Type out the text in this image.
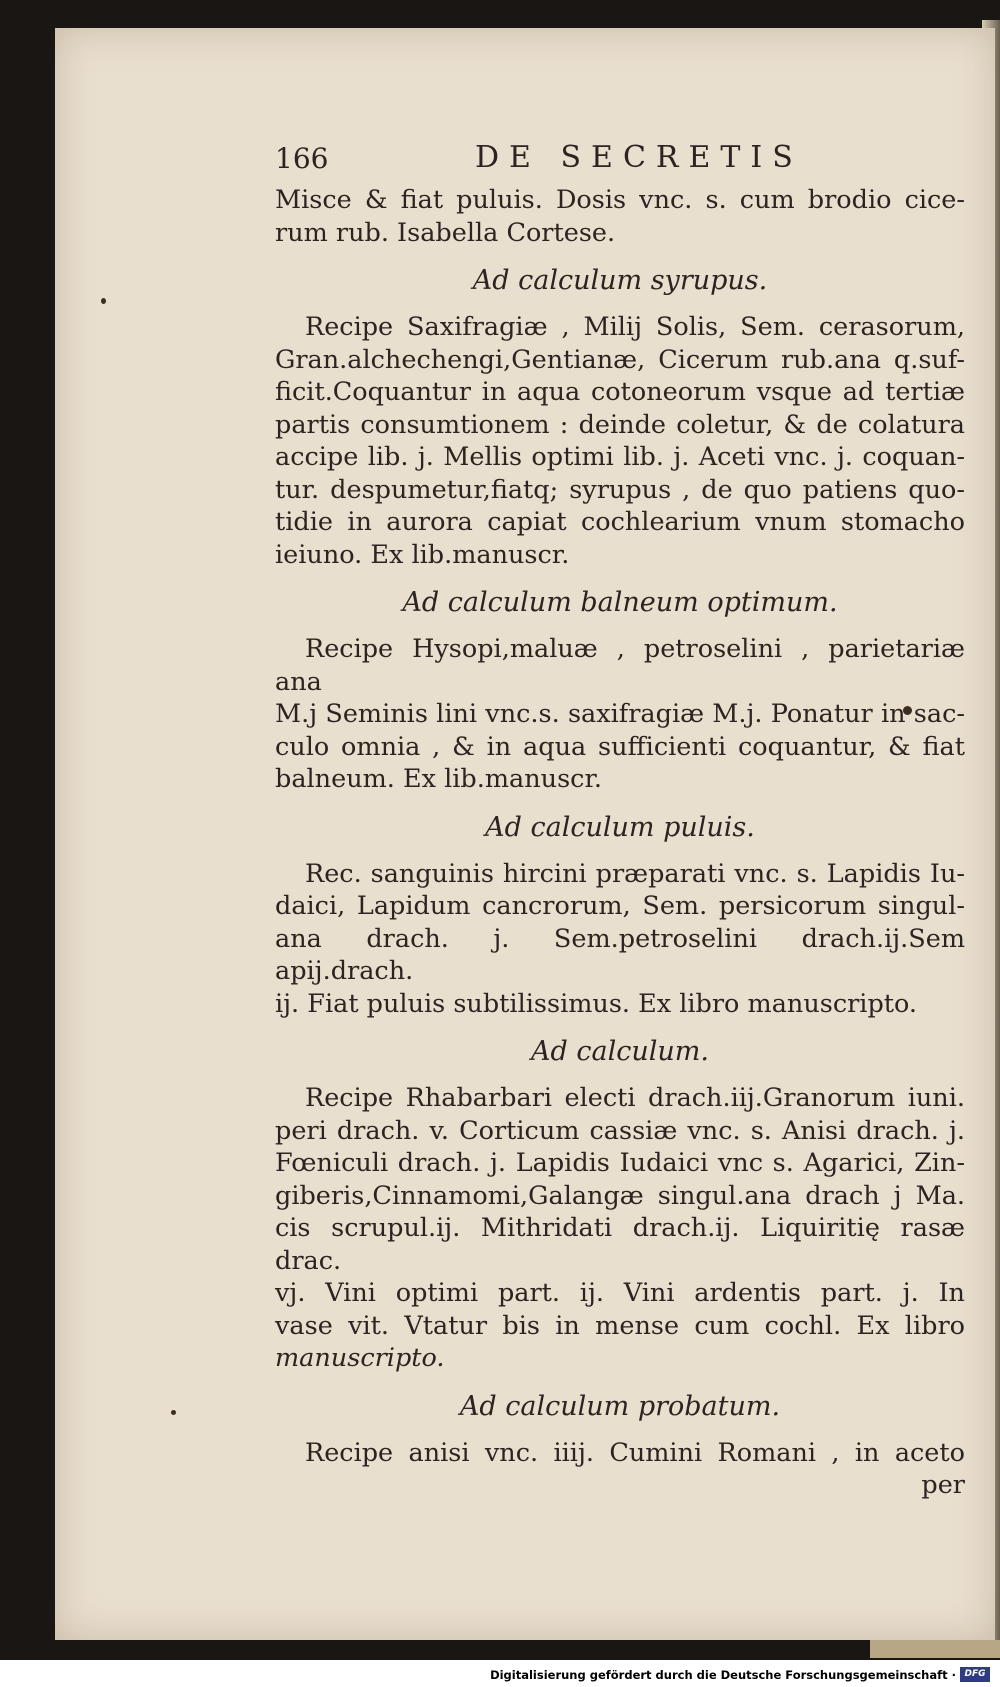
166	DE SECRETIS

Misce & fiat puluis. Dosis vnc. s. cum brodio cice-
rum rub. Isabella Cortese.

Ad calculum syrupus.

Recipe Saxifragiæ , Milij Solis, Sem. cerasorum,
Gran.alchechengi,Gentianæ, Cicerum rub.ana q.suf-
ficit.Coquantur in aqua cotoneorum vsque ad tertiæ
partis consumtionem : deinde coletur, & de colatura
accipe lib. j. Mellis optimi lib. j. Aceti vnc. j. coquan-
tur. despumetur,fiatq; syrupus , de quo patiens quo-
tidie in aurora capiat cochlearium vnum stomacho
ieiuno. Ex lib.manuscr.

Ad calculum balneum optimum.

Recipe Hysopi,maluæ , petroselini , parietariæ ana
M.j Seminis lini vnc.s. saxifragiæ M.j. Ponatur in sac-
culo omnia , & in aqua sufficienti coquantur, & fiat
balneum. Ex lib.manuscr.

Ad calculum puluis.

Rec. sanguinis hircini præparati vnc. s. Lapidis Iu-
daici, Lapidum cancrorum, Sem. persicorum singul-
ana drach. j. Sem.petroselini drach.ij.Sem apij.drach.
ij. Fiat puluis subtilissimus. Ex libro manuscripto.

Ad calculum.

Recipe Rhabarbari electi drach.iij.Granorum iuni.
peri drach. v. Corticum cassiæ vnc. s. Anisi drach. j.
Fœniculi drach. j. Lapidis Iudaici vnc s. Agarici, Zin-
giberis,Cinnamomi,Galangæ singul.ana drach j Ma.
cis scrupul.ij. Mithridati drach.ij. Liquiritię rasæ drac.
vj. Vini optimi part. ij. Vini ardentis part. j. In
vase vit. Vtatur bis in mense cum cochl. Ex libro
manuscripto.

Ad calculum probatum.

Recipe anisi vnc. iiij. Cumini Romani , in aceto

per

Digitalisierung gefördert durch die Deutsche Forschungsgemeinschaft · DFG
